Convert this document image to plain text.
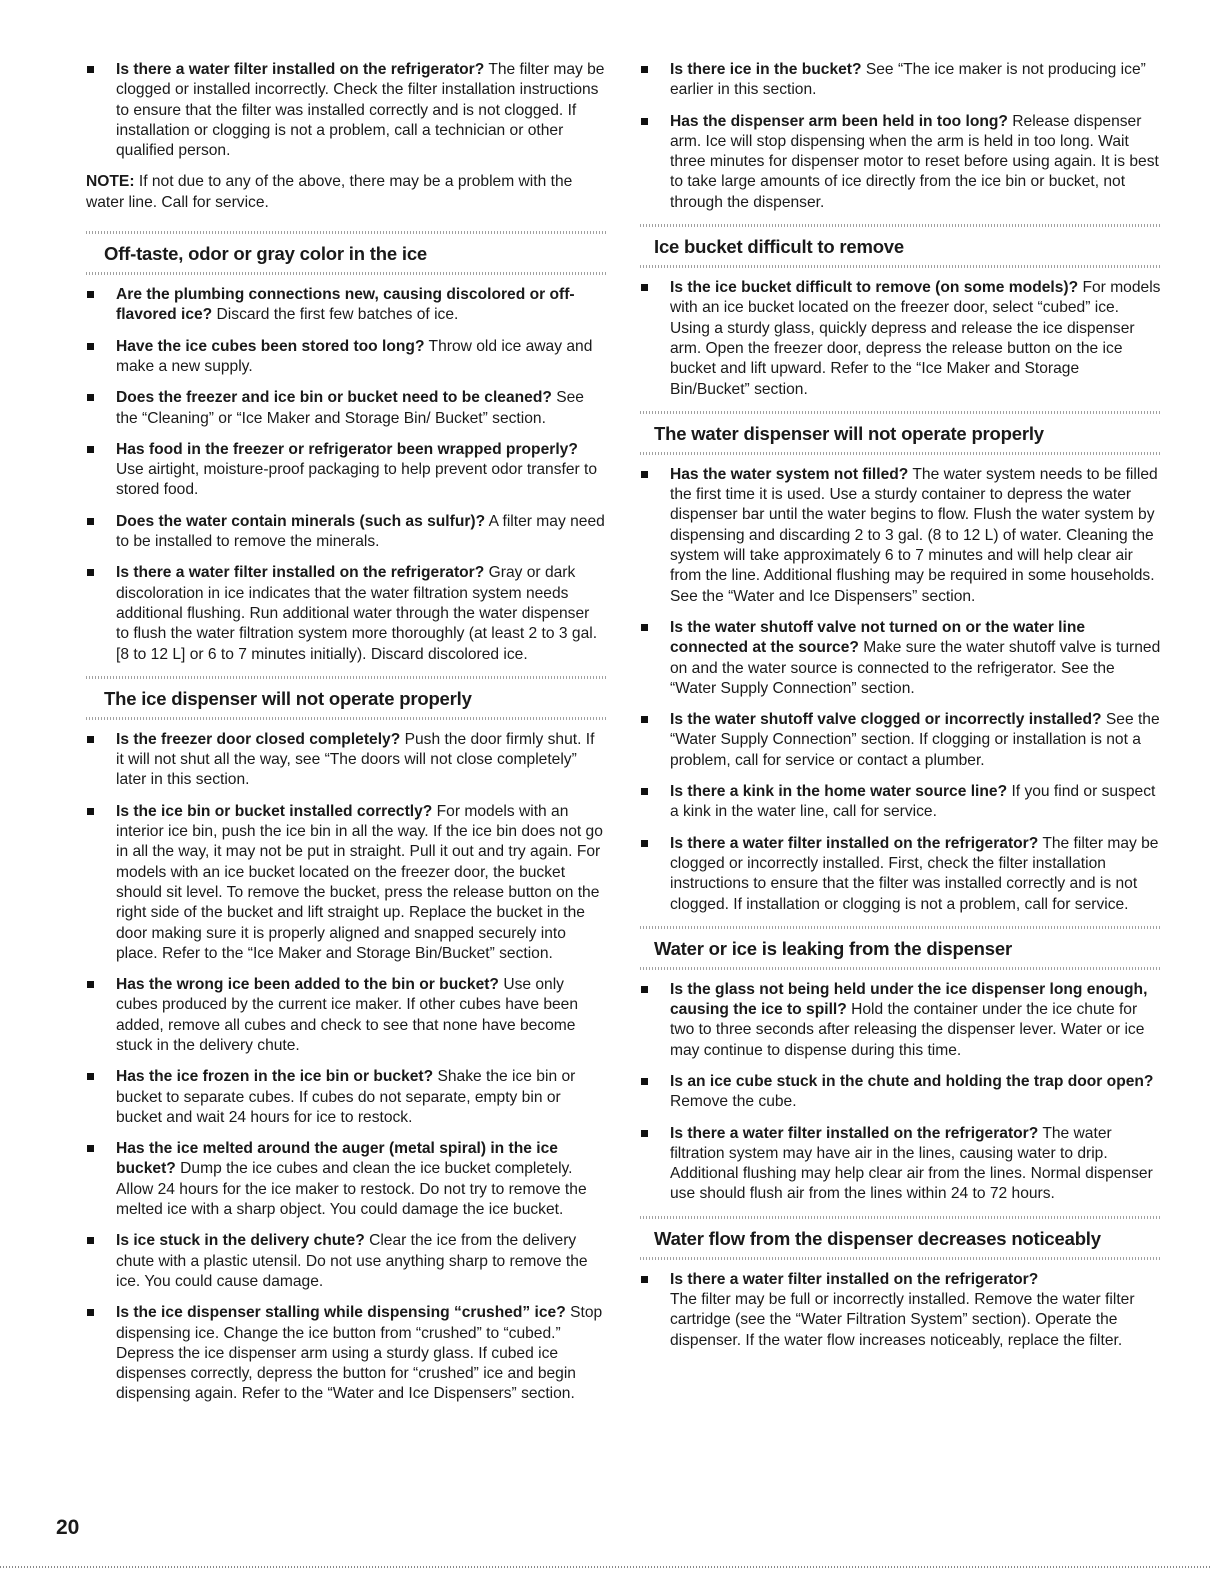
Is there a water filter installed on the refrigerator? The filter may be clogged or installed incorrectly. Check the filter installation instructions to ensure that the filter was installed correctly and is not clogged. If installation or clogging is not a problem, call a technician or other qualified person.
NOTE: If not due to any of the above, there may be a problem with the water line. Call for service.
Off-taste, odor or gray color in the ice
Are the plumbing connections new, causing discolored or off-flavored ice? Discard the first few batches of ice.
Have the ice cubes been stored too long? Throw old ice away and make a new supply.
Does the freezer and ice bin or bucket need to be cleaned? See the “Cleaning” or “Ice Maker and Storage Bin/ Bucket” section.
Has food in the freezer or refrigerator been wrapped properly? Use airtight, moisture-proof packaging to help prevent odor transfer to stored food.
Does the water contain minerals (such as sulfur)? A filter may need to be installed to remove the minerals.
Is there a water filter installed on the refrigerator? Gray or dark discoloration in ice indicates that the water filtration system needs additional flushing. Run additional water through the water dispenser to flush the water filtration system more thoroughly (at least 2 to 3 gal. [8 to 12 L] or 6 to 7 minutes initially). Discard discolored ice.
The ice dispenser will not operate properly
Is the freezer door closed completely? Push the door firmly shut. If it will not shut all the way, see “The doors will not close completely” later in this section.
Is the ice bin or bucket installed correctly? For models with an interior ice bin, push the ice bin in all the way. If the ice bin does not go in all the way, it may not be put in straight. Pull it out and try again. For models with an ice bucket located on the freezer door, the bucket should sit level. To remove the bucket, press the release button on the right side of the bucket and lift straight up. Replace the bucket in the door making sure it is properly aligned and snapped securely into place. Refer to the “Ice Maker and Storage Bin/Bucket” section.
Has the wrong ice been added to the bin or bucket? Use only cubes produced by the current ice maker. If other cubes have been added, remove all cubes and check to see that none have become stuck in the delivery chute.
Has the ice frozen in the ice bin or bucket? Shake the ice bin or bucket to separate cubes. If cubes do not separate, empty bin or bucket and wait 24 hours for ice to restock.
Has the ice melted around the auger (metal spiral) in the ice bucket? Dump the ice cubes and clean the ice bucket completely. Allow 24 hours for the ice maker to restock. Do not try to remove the melted ice with a sharp object. You could damage the ice bucket.
Is ice stuck in the delivery chute? Clear the ice from the delivery chute with a plastic utensil. Do not use anything sharp to remove the ice. You could cause damage.
Is the ice dispenser stalling while dispensing “crushed” ice? Stop dispensing ice. Change the ice button from “crushed” to “cubed.” Depress the ice dispenser arm using a sturdy glass. If cubed ice dispenses correctly, depress the button for “crushed” ice and begin dispensing again. Refer to the “Water and Ice Dispensers” section.
Is there ice in the bucket? See “The ice maker is not producing ice” earlier in this section.
Has the dispenser arm been held in too long? Release dispenser arm. Ice will stop dispensing when the arm is held in too long. Wait three minutes for dispenser motor to reset before using again. It is best to take large amounts of ice directly from the ice bin or bucket, not through the dispenser.
Ice bucket difficult to remove
Is the ice bucket difficult to remove (on some models)? For models with an ice bucket located on the freezer door, select “cubed” ice. Using a sturdy glass, quickly depress and release the ice dispenser arm. Open the freezer door, depress the release button on the ice bucket and lift upward. Refer to the “Ice Maker and Storage Bin/Bucket” section.
The water dispenser will not operate properly
Has the water system not filled? The water system needs to be filled the first time it is used. Use a sturdy container to depress the water dispenser bar until the water begins to flow. Flush the water system by dispensing and discarding 2 to 3 gal. (8 to 12 L) of water. Cleaning the system will take approximately 6 to 7 minutes and will help clear air from the line. Additional flushing may be required in some households. See the “Water and Ice Dispensers” section.
Is the water shutoff valve not turned on or the water line connected at the source? Make sure the water shutoff valve is turned on and the water source is connected to the refrigerator. See the “Water Supply Connection” section.
Is the water shutoff valve clogged or incorrectly installed? See the “Water Supply Connection” section. If clogging or installation is not a problem, call for service or contact a plumber.
Is there a kink in the home water source line? If you find or suspect a kink in the water line, call for service.
Is there a water filter installed on the refrigerator? The filter may be clogged or incorrectly installed. First, check the filter installation instructions to ensure that the filter was installed correctly and is not clogged. If installation or clogging is not a problem, call for service.
Water or ice is leaking from the dispenser
Is the glass not being held under the ice dispenser long enough, causing the ice to spill? Hold the container under the ice chute for two to three seconds after releasing the dispenser lever. Water or ice may continue to dispense during this time.
Is an ice cube stuck in the chute and holding the trap door open? Remove the cube.
Is there a water filter installed on the refrigerator? The water filtration system may have air in the lines, causing water to drip. Additional flushing may help clear air from the lines. Normal dispenser use should flush air from the lines within 24 to 72 hours.
Water flow from the dispenser decreases noticeably
Is there a water filter installed on the refrigerator?
The filter may be full or incorrectly installed. Remove the water filter cartridge (see the “Water Filtration System” section). Operate the dispenser. If the water flow increases noticeably, replace the filter.
20
